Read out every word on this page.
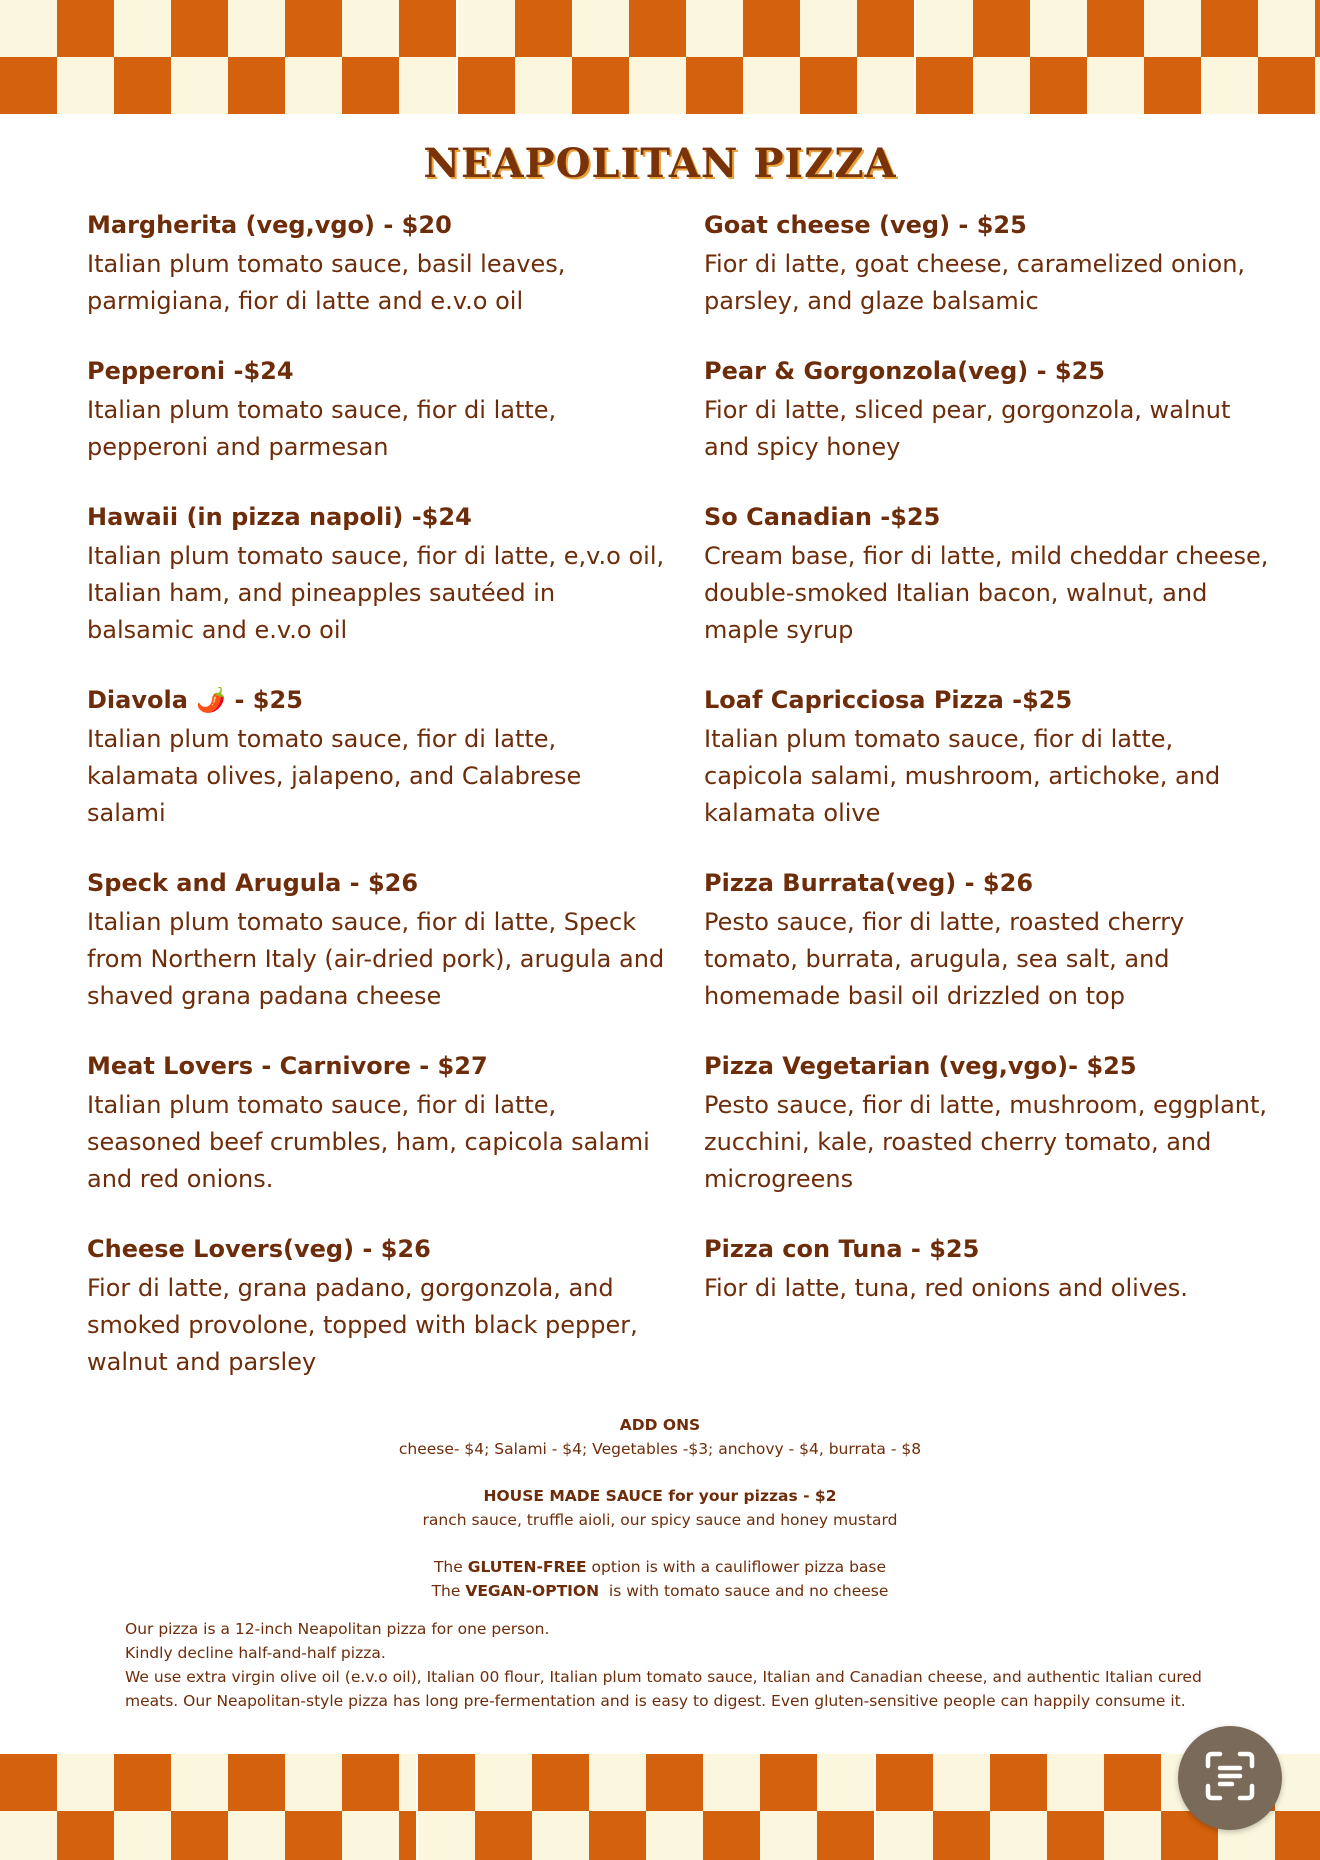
NEAPOLITAN PIZZA

Margherita (veg,vgo) - $20

Italian plum tomato sauce, basil leaves, parmigiana, fior di latte and e.v.o oil

Pepperoni -$24

Italian plum tomato sauce, fior di latte, pepperoni and parmesan

Hawaii (in pizza napoli) -$24

Italian plum tomato sauce, fior di latte, e,v.o oil, Italian ham, and pineapples sautéed in balsamic and e.v.o oil

Diavola 🌶️ - $25

Italian plum tomato sauce, fior di latte, kalamata olives, jalapeno, and Calabrese salami

Speck and Arugula - $26

Italian plum tomato sauce, fior di latte, Speck from Northern Italy (air-dried pork), arugula and shaved grana padana cheese

Meat Lovers - Carnivore - $27

Italian plum tomato sauce, fior di latte, seasoned beef crumbles, ham, capicola salami and red onions.

Cheese Lovers(veg) - $26

Fior di latte, grana padano, gorgonzola, and smoked provolone, topped with black pepper, walnut and parsley

Goat cheese (veg) - $25

Fior di latte, goat cheese, caramelized onion, parsley, and glaze balsamic

Pear & Gorgonzola(veg) - $25

Fior di latte, sliced pear, gorgonzola, walnut and spicy honey

So Canadian -$25

Cream base, fior di latte, mild cheddar cheese, double-smoked Italian bacon, walnut, and maple syrup

Loaf Capricciosa Pizza -$25

Italian plum tomato sauce, fior di latte, capicola salami, mushroom, artichoke, and kalamata olive

Pizza Burrata(veg) - $26

Pesto sauce, fior di latte, roasted cherry tomato, burrata, arugula, sea salt, and homemade basil oil drizzled on top

Pizza Vegetarian (veg,vgo)- $25

Pesto sauce, fior di latte, mushroom, eggplant, zucchini, kale, roasted cherry tomato, and microgreens

Pizza con Tuna - $25

Fior di latte, tuna, red onions and olives.

ADD ONS
cheese- $4; Salami - $4; Vegetables -$3; anchovy - $4, burrata - $8
HOUSE MADE SAUCE for your pizzas - $2
ranch sauce, truffle aioli, our spicy sauce and honey mustard
The GLUTEN-FREE option is with a cauliflower pizza base
The VEGAN-OPTION  is with tomato sauce and no cheese

Our pizza is a 12-inch Neapolitan pizza for one person.

Kindly decline half-and-half pizza.

We use extra virgin olive oil (e.v.o oil), Italian 00 flour, Italian plum tomato sauce, Italian and Canadian cheese, and authentic Italian cured meats. Our Neapolitan-style pizza has long pre-fermentation and is easy to digest. Even gluten-sensitive people can happily consume it.
